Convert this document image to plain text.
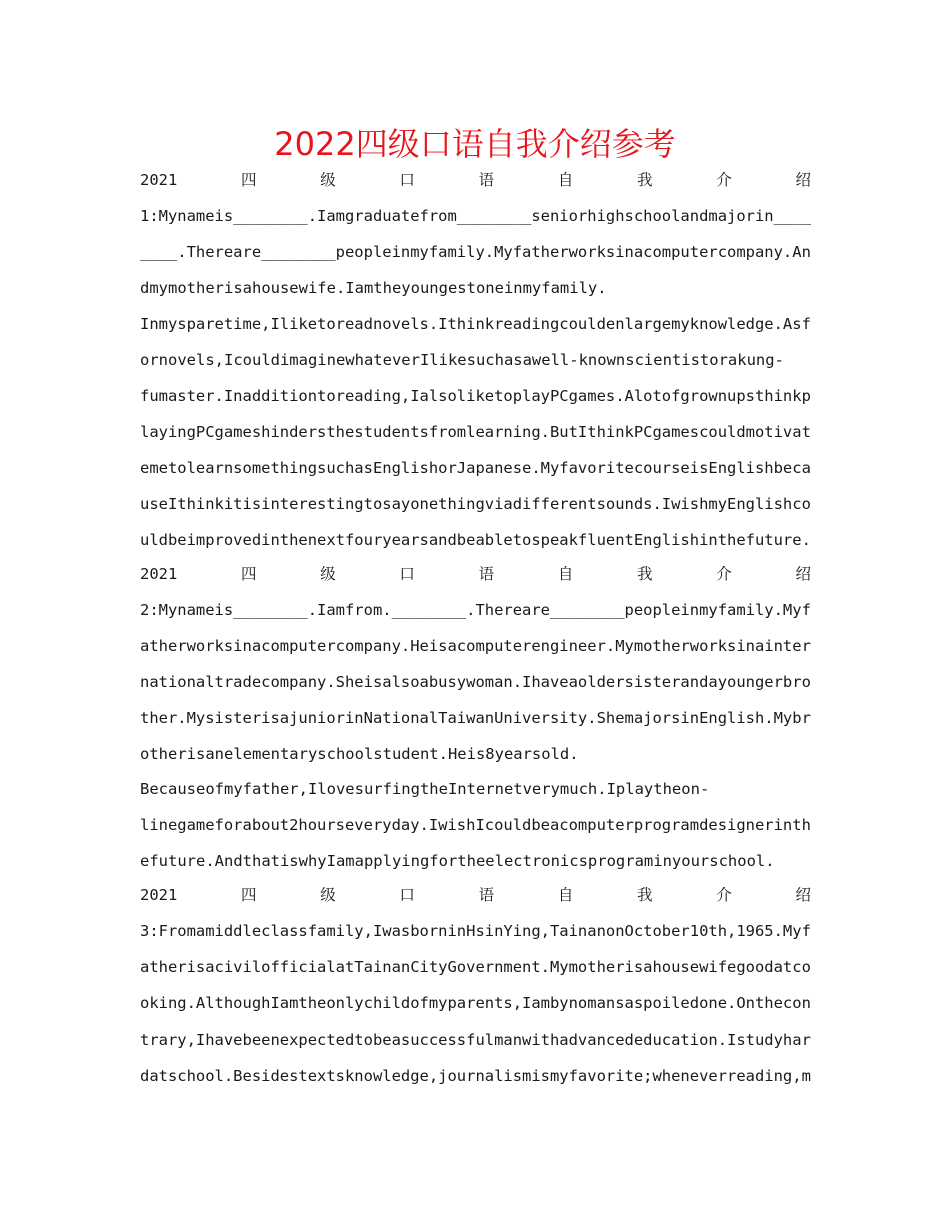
2022四级口语自我介绍参考
2021	四	级	口	语	自	我	介	绍
1:Mynameis________.Iamgraduatefrom________seniorhighschoolandmajorin____
____.Thereare________peopleinmyfamily.Myfatherworksinacomputercompany.An
dmymotherisahousewife.Iamtheyoungestoneinmyfamily.
Inmysparetime,Iliketoreadnovels.Ithinkreadingcouldenlargemyknowledge.Asf
ornovels,IcouldimaginewhateverIlikesuchasawell-knownscientistorakung-
fumaster.Inadditiontoreading,IalsoliketoplayPCgames.Alotofgrownupsthinkp
layingPCgameshindersthestudentsfromlearning.ButIthinkPCgamescouldmotivat
emetolearnsomethingsuchasEnglishorJapanese.MyfavoritecourseisEnglishbeca
useIthinkitisinterestingtosayonethingviadifferentsounds.IwishmyEnglishco
uldbeimprovedinthenextfouryearsandbeabletospeakfluentEnglishinthefuture.
2021	四	级	口	语	自	我	介	绍
2:Mynameis________.Iamfrom.________.Thereare________peopleinmyfamily.Myf
atherworksinacomputercompany.Heisacomputerengineer.Mymotherworksinainter
nationaltradecompany.Sheisalsoabusywoman.Ihaveaoldersisterandayoungerbro
ther.MysisterisajuniorinNationalTaiwanUniversity.ShemajorsinEnglish.Mybr
otherisanelementaryschoolstudent.Heis8yearsold.
Becauseofmyfather,IlovesurfingtheInternetverymuch.Iplaytheon-
linegameforabout2hourseveryday.IwishIcouldbeacomputerprogramdesignerinth
efuture.AndthatiswhyIamapplyingfortheelectronicsprograminyourschool.
2021	四	级	口	语	自	我	介	绍
3:Fromamiddleclassfamily,IwasborninHsinYing,TainanonOctober10th,1965.Myf
atherisacivilofficialatTainanCityGovernment.Mymotherisahousewifegoodatco
oking.AlthoughIamtheonlychildofmyparents,Iambynomansaspoiledone.Onthecon
trary,Ihavebeenexpectedtobeasuccessfulmanwithadvancededucation.Istudyhar
datschool.Besidestextsknowledge,journalismismyfavorite;wheneverreading,m
